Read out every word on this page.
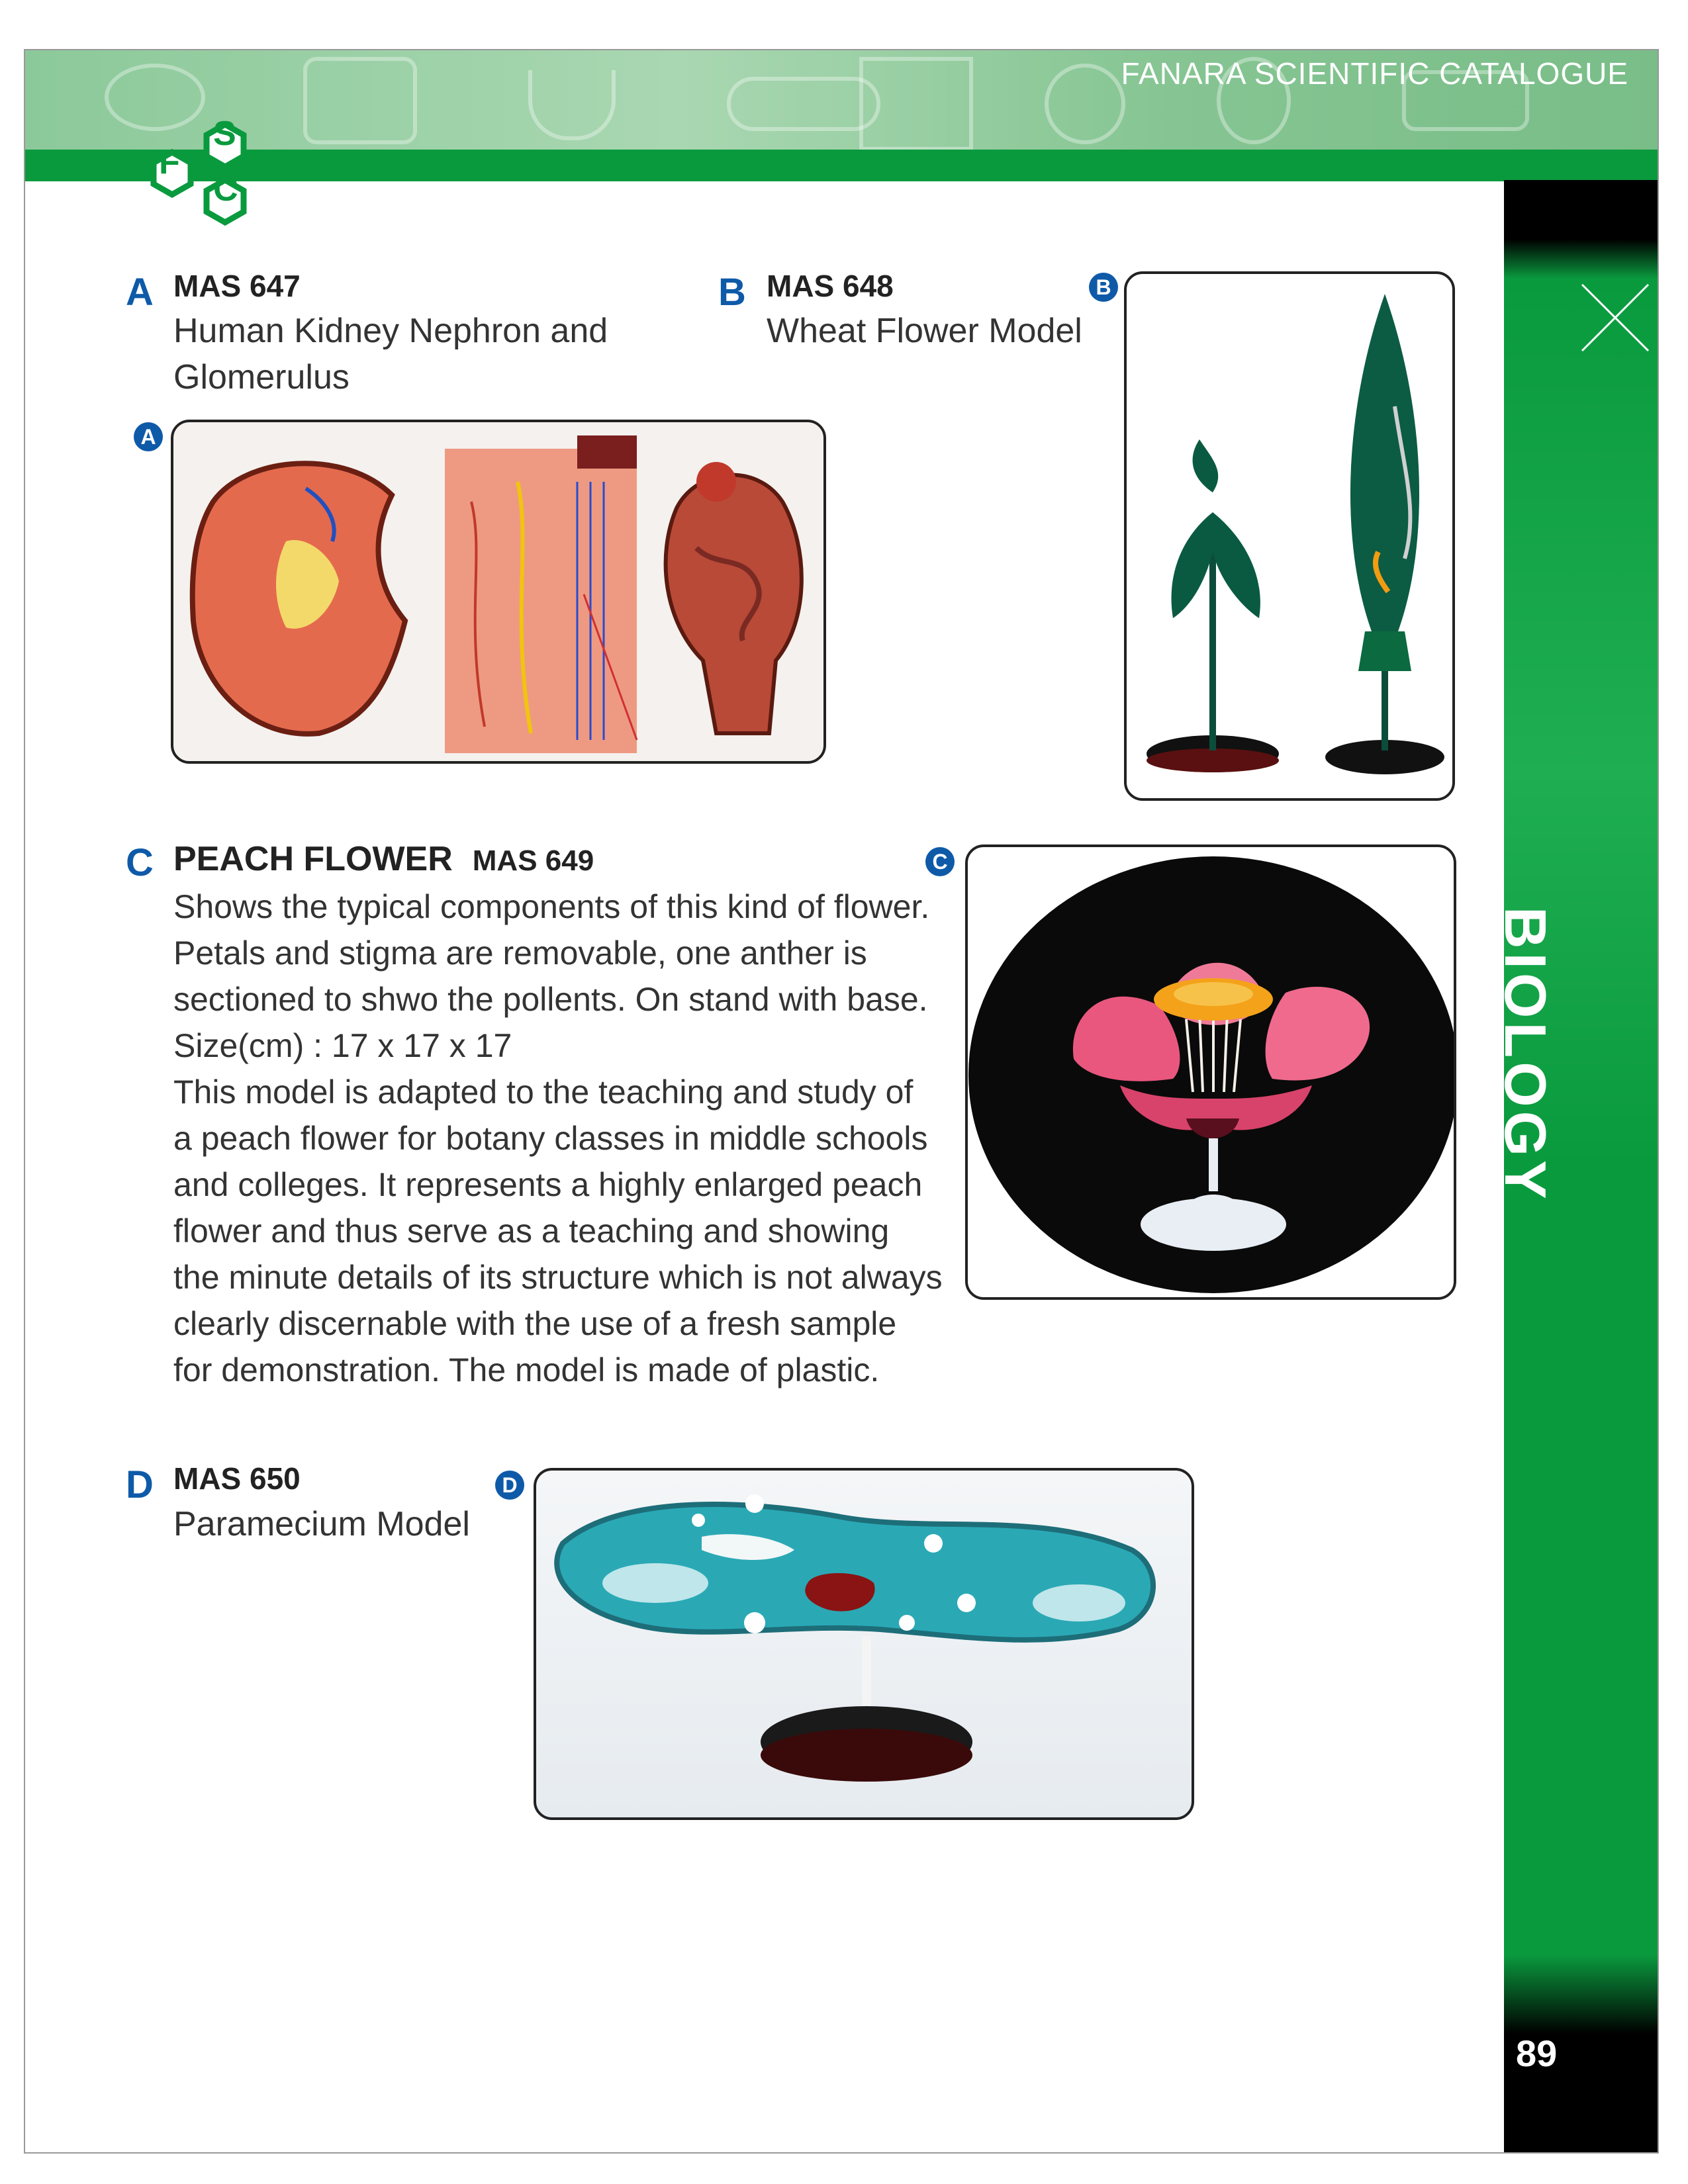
FANARA SCIENTIFIC CATALOGUE
F
S
C
BIOLOGY
89
A MAS 647
Human Kidney Nephron and
Glomerulus
A
B MAS 648
Wheat Flower Model
B
C PEACH FLOWER MAS 649

Shows the typical components of this kind of flower.

Petals and stigma are removable, one anther is

sectioned to shwo the pollents. On stand with base.

Size(cm) : 17 x 17 x 17

This model is adapted to the teaching and study of

a peach flower for botany classes in middle schools

and colleges. It represents a highly enlarged peach

flower and thus serve as a teaching and showing

the minute details of its structure which is not always

clearly discernable with the use of a fresh sample

for demonstration. The model is made of plastic.

C
D MAS 650
Paramecium Model
D
